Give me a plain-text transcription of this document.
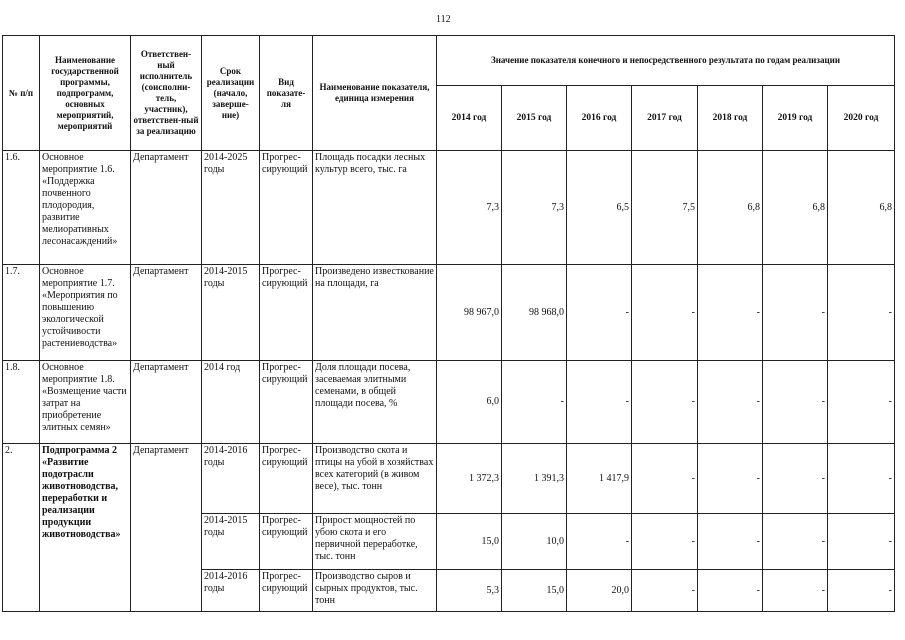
112
№ п/п	Наименование государственной программы, подпрограмм, основных мероприятий, мероприятий	Ответствен-ный исполнитель (соисполни-тель, участник), ответствен-ный за реализацию	Срок реализации (начало, заверше-ние)	Вид показате-ля	Наименование показателя, единица измерения	Значение показателя конечного и непосредственного результата по годам реализации						
						2014 год	2015 год	2016 год	2017 год	2018 год	2019 год	2020 год
1.6.	Основное мероприятие 1.6. «Поддержка почвенного плодородия, развитие мелиоративных лесонасаждений»	Департамент	2014-2025 годы	Прогрес-сирующий	Площадь посадки лесных культур всего, тыс. га	7,3	7,3	6,5	7,5	6,8	6,8	6,8
1.7.	Основное мероприятие 1.7. «Мероприятия по повышению экологической устойчивости растениеводства»	Департамент	2014-2015 годы	Прогрес-сирующий	Произведено известкование на площади, га	98 967,0	98 968,0	-	-	-	-	-
1.8.	Основное мероприятие 1.8. «Возмещение части затрат на приобретение элитных семян»	Департамент	2014 год	Прогрес-сирующий	Доля площади посева, засеваемая элитными семенами, в общей площади посева, %	6,0	-	-	-	-	-	-
2.	Подпрограмма 2 «Развитие подотрасли животноводства, переработки и реализации продукции животноводства»	Департамент	2014-2016 годы	Прогрес-сирующий	Производство скота и птицы на убой в хозяйствах всех категорий (в живом весе), тыс. тонн	1 372,3	1 391,3	1 417,9	-	-	-	-
			2014-2015 годы	Прогрес-сирующий	Прирост мощностей по убою скота и его первичной переработке, тыс. тонн	15,0	10,0	-	-	-	-	-
			2014-2016 годы	Прогрес-сирующий	Производство сыров и сырных продуктов, тыс. тонн	5,3	15,0	20,0	-	-	-	-
